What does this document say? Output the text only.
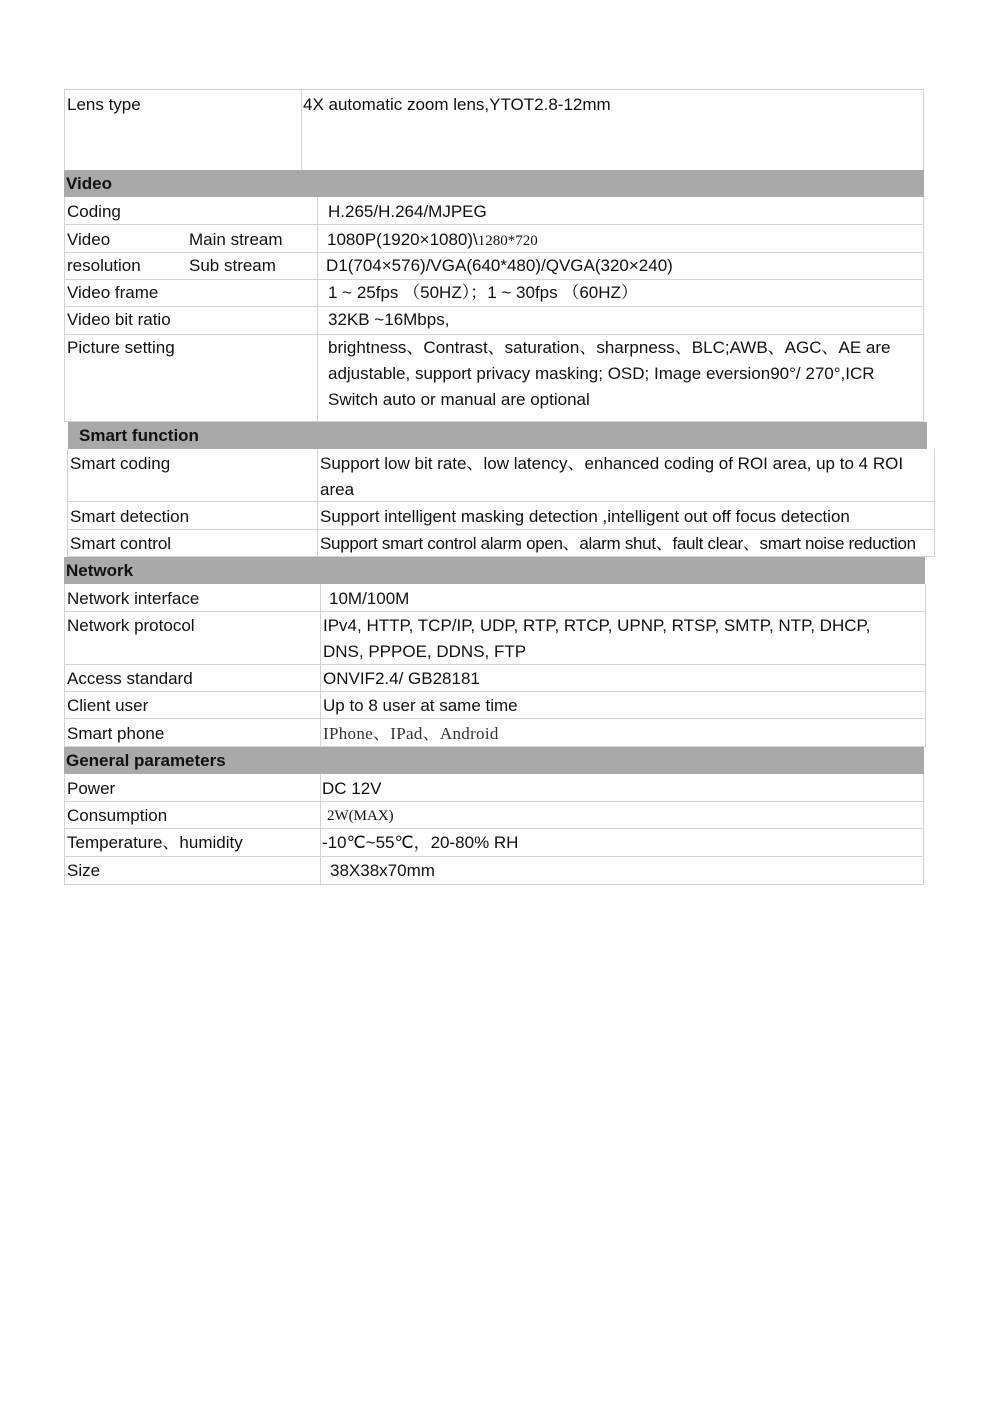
Lens type	4X automatic zoom lens,YTOT2.8-12mm
Video
Coding	H.265/H.264/MJPEG
Video	Main stream	1080P(1920×1080)\1280*720
resolution	Sub stream	D1(704×576)/VGA(640*480)/QVGA(320×240)
Video frame	1 ~ 25fps （50HZ）；1 ~ 30fps （60HZ）
Video bit ratio	32KB ~16Mbps,
Picture setting	brightness、Contrast、saturation、sharpness、BLC;AWB、AGC、AE are
adjustable, support privacy masking; OSD; Image eversion90°/ 270°,ICR
Switch auto or manual are optional
Smart function
Smart coding	Support low bit rate、low latency、enhanced coding of ROI area, up to 4 ROI
area
Smart detection	Support intelligent masking detection ,intelligent out off focus detection
Smart control	Support smart control alarm open、alarm shut、fault clear、smart noise reduction
Network
Network interface	10M/100M
Network protocol	IPv4, HTTP, TCP/IP, UDP, RTP, RTCP, UPNP, RTSP, SMTP, NTP, DHCP,
DNS, PPPOE, DDNS, FTP
Access standard	ONVIF2.4/ GB28181
Client user	Up to 8 user at same time
Smart phone	IPhone、IPad、Android
General parameters
Power	DC 12V
Consumption	2W(MAX)
Temperature、humidity	-10℃~55℃，20-80% RH
Size	38X38x70mm
